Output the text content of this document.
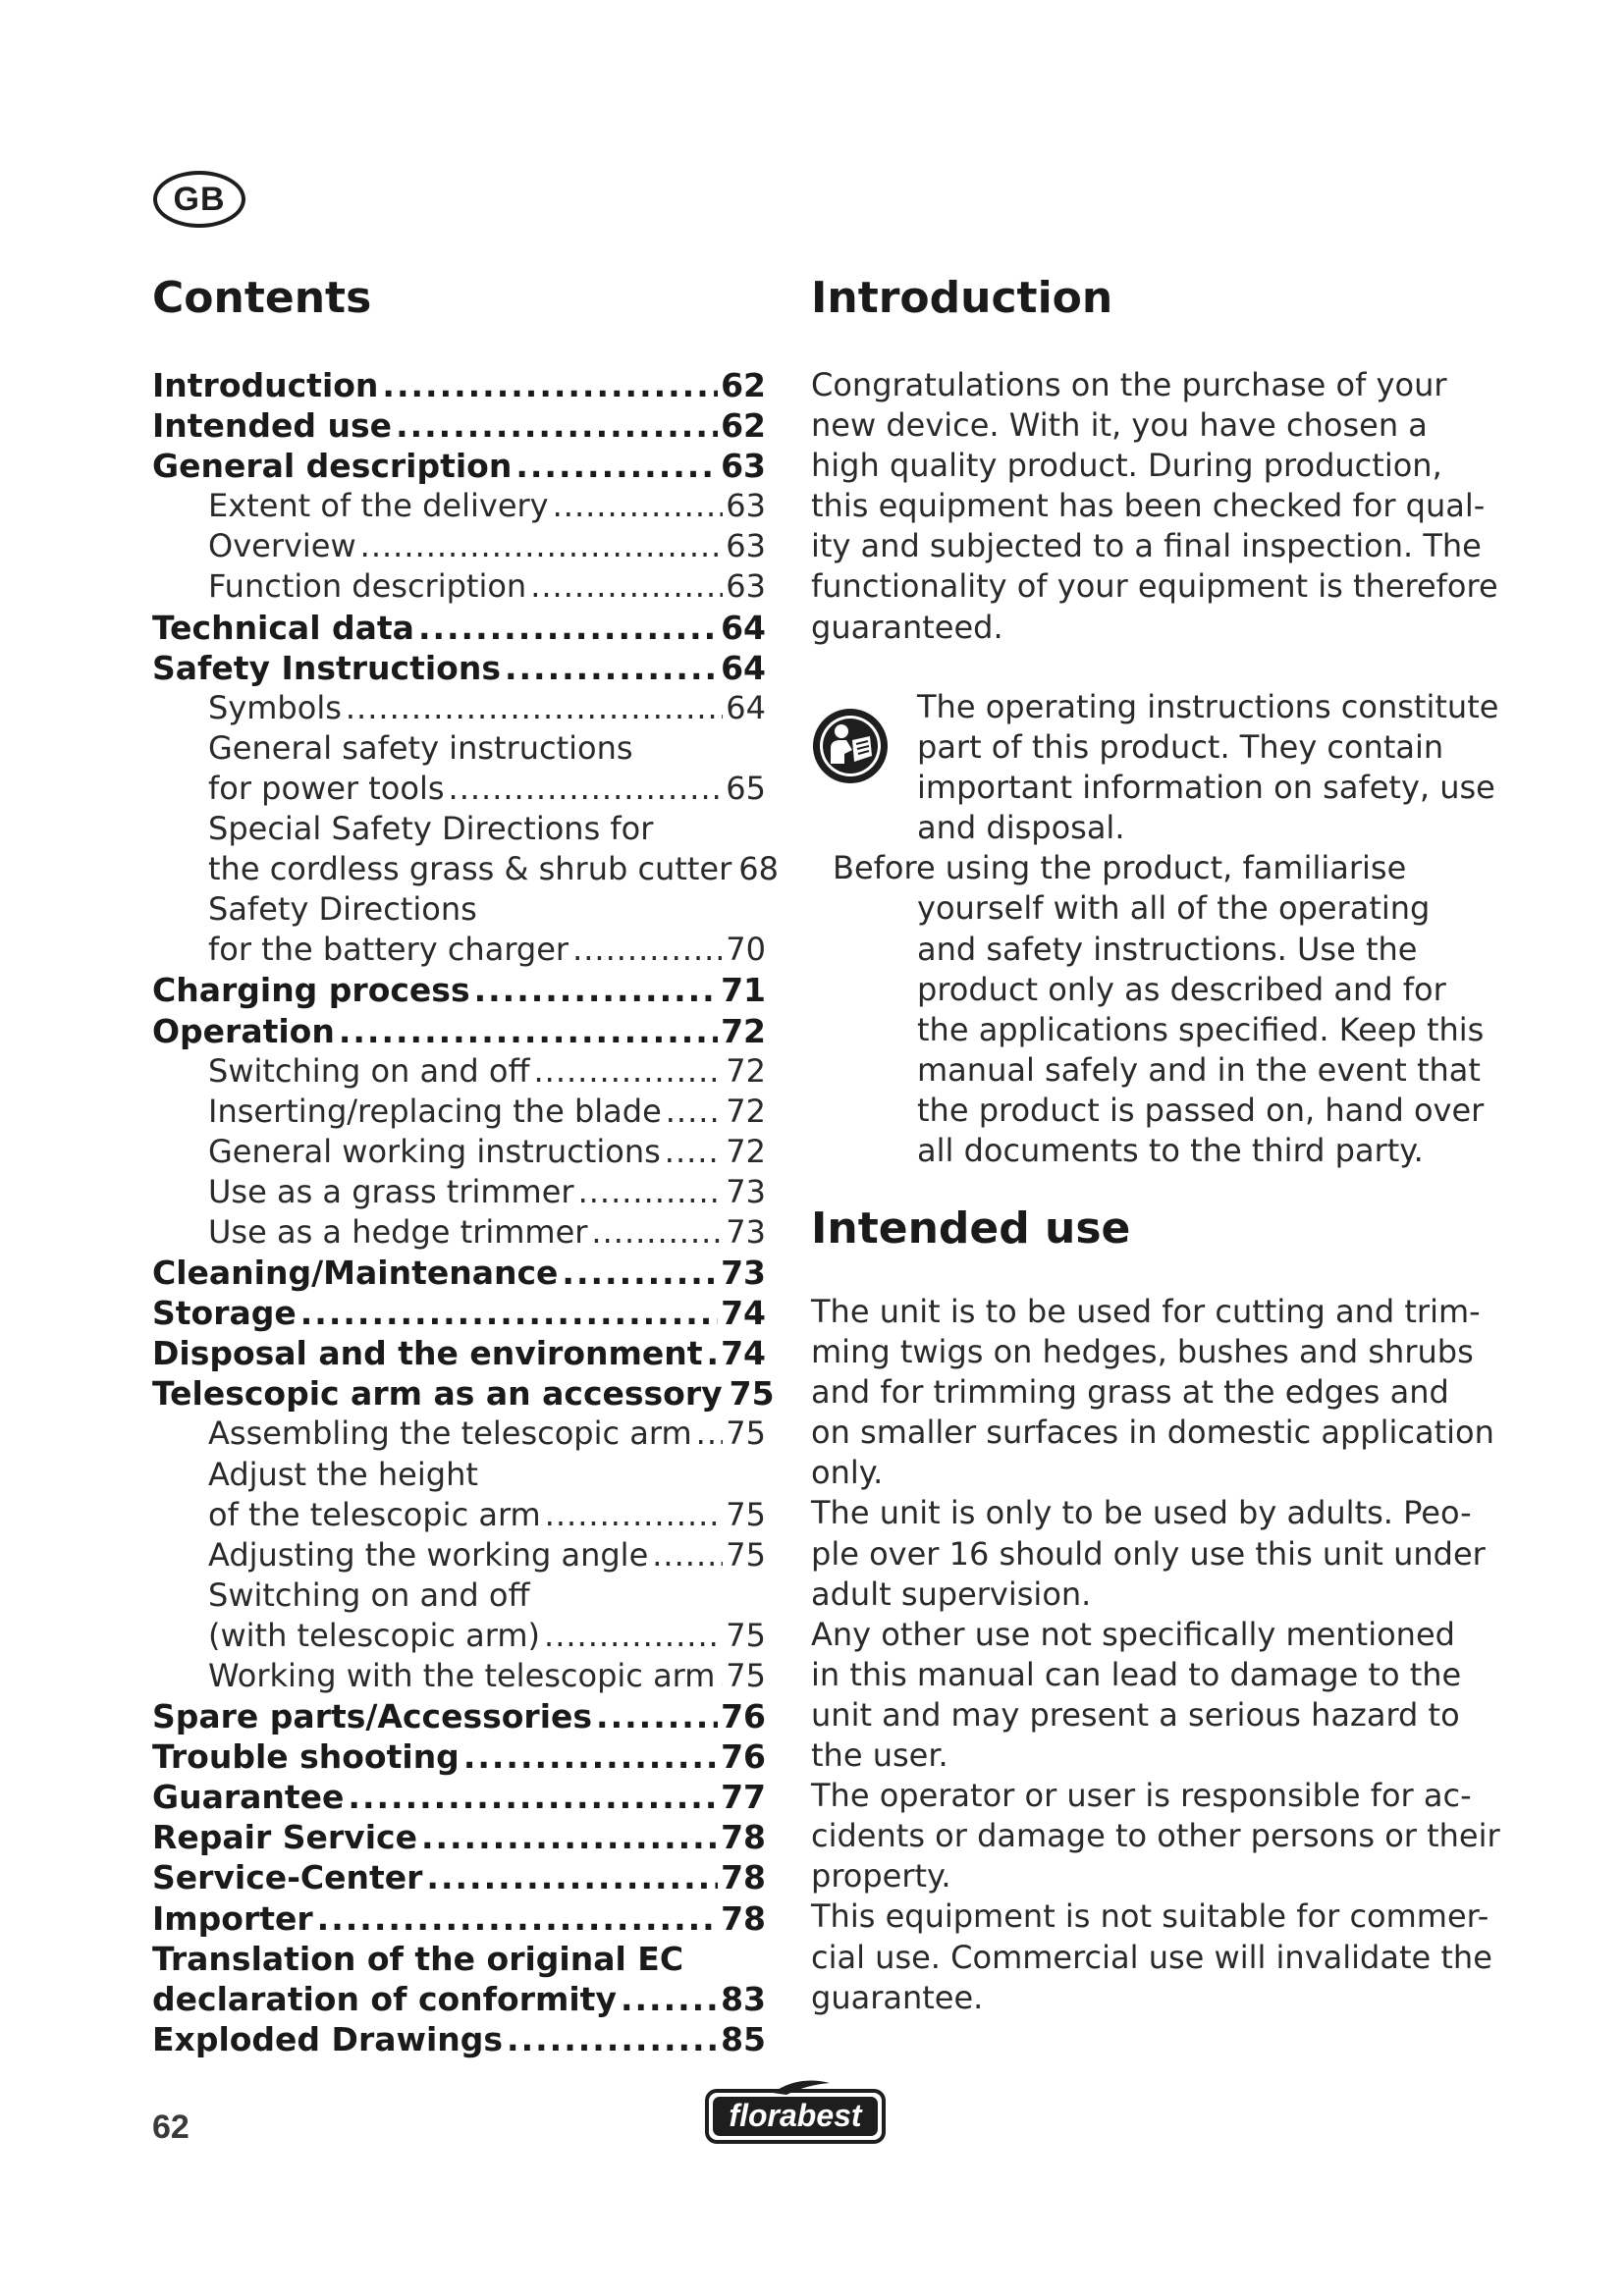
GB
Contents
Introduction .....	62
Intended use .....	62
General description .....	63
Extent of the delivery .....	63
Overview .....	63
Function description .....	63
Technical data .....	64
Safety Instructions .....	64
Symbols .....	64
General safety instructions
for power tools .....	65
Special Safety Directions for
the cordless grass & shrub cutter 68
Safety Directions
for the battery charger .....	70
Charging process .....	71
Operation .....	72
Switching on and off .....	72
Inserting/replacing the blade ..... 72
General working instructions ..... 72
Use as a grass trimmer .....	73
Use as a hedge trimmer .....	73
Cleaning/Maintenance .....	73
Storage .....	74
Disposal and the environment ..... 74
Telescopic arm as an accessory 75
Assembling the telescopic arm ..... 75
Adjust the height
of the telescopic arm .....	75
Adjusting the working angle ..... 75
Switching on and off
(with telescopic arm) .....	75
Working with the telescopic arm ..... 75
Spare parts/Accessories .....	76
Trouble shooting .....	76
Guarantee .....	77
Repair Service .....	78
Service-Center .....	78
Importer .....	78
Translation of the original EC
declaration of conformity .....	83
Exploded Drawings .....	85
Introduction
Congratulations on the purchase of your
new device. With it, you have chosen a
high quality product. During production,
this equipment has been checked for qual-
ity and subjected to a final inspection. The
functionality of your equipment is therefore
guaranteed.
The operating instructions constitute
part of this product. They contain
important information on safety, use
and disposal.
Before using the product, familiarise
yourself with all of the operating
and safety instructions. Use the
product only as described and for
the applications specified. Keep this
manual safely and in the event that
the product is passed on, hand over
all documents to the third party.
Intended use
The unit is to be used for cutting and trim-
ming twigs on hedges, bushes and shrubs
and for trimming grass at the edges and
on smaller surfaces in domestic application
only.
The unit is only to be used by adults. Peo-
ple over 16 should only use this unit under
adult supervision.
Any other use not specifically mentioned
in this manual can lead to damage to the
unit and may present a serious hazard to
the user.
The operator or user is responsible for ac-
cidents or damage to other persons or their
property.
This equipment is not suitable for commer-
cial use. Commercial use will invalidate the
guarantee.
62	florabest
